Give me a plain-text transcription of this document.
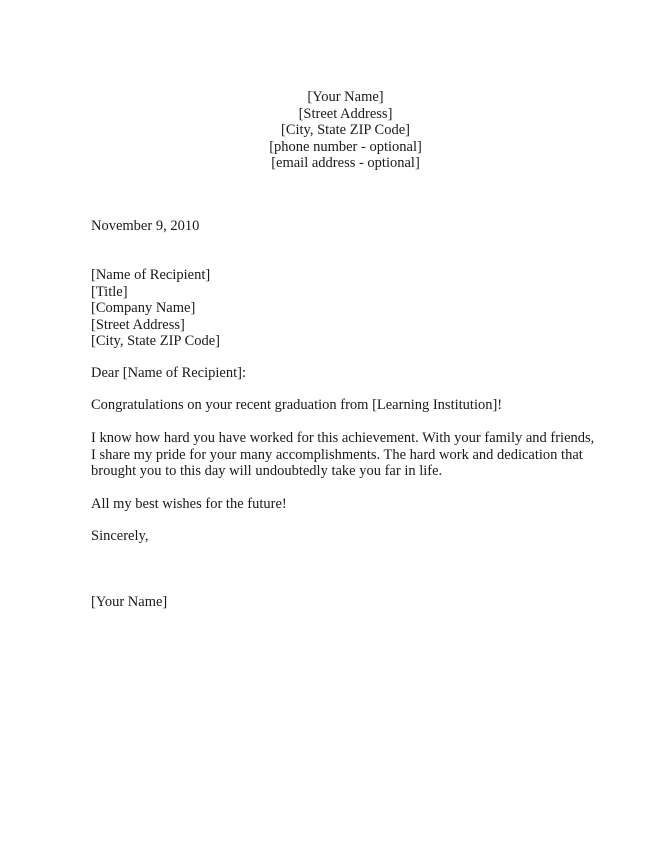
[Your Name]
[Street Address]
[City, State ZIP Code]
[phone number - optional]
[email address - optional]
November 9, 2010
[Name of Recipient]
[Title]
[Company Name]
[Street Address]
[City, State ZIP Code]
Dear [Name of Recipient]:
Congratulations on your recent graduation from [Learning Institution]!
I know how hard you have worked for this achievement. With your family and friends,
I share my pride for your many accomplishments. The hard work and dedication that
brought you to this day will undoubtedly take you far in life.
All my best wishes for the future!
Sincerely,
[Your Name]
